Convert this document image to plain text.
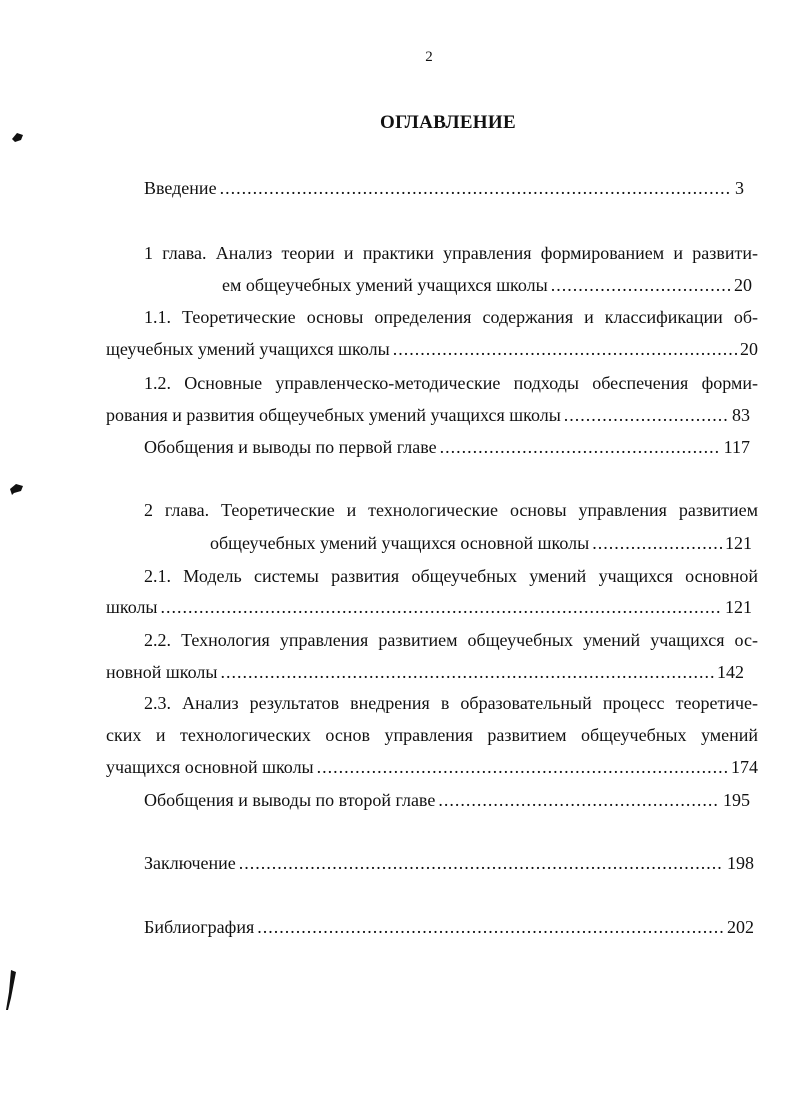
2
ОГЛАВЛЕНИЕ
Введение .....	3
1 глава. Анализ теории и практики управления формированием и развити-
ем общеучебных умений учащихся школы .....	20
1.1. Теоретические основы определения содержания и классификации об-
щеучебных умений учащихся школы .....	20
1.2. Основные управленческо-методические подходы обеспечения форми-
рования и развития общеучебных умений учащихся школы .....	83
Обобщения и выводы по первой главе .....	117
2 глава. Теоретические и технологические основы управления развитием
общеучебных умений учащихся основной школы .....	121
2.1. Модель системы развития общеучебных умений учащихся основной
школы .....	121
2.2. Технология управления развитием общеучебных умений учащихся ос-
новной школы .....	142
2.3. Анализ результатов внедрения в образовательный процесс теоретиче-
ских и технологических основ управления развитием общеучебных умений
учащихся основной школы .....	174
Обобщения и выводы по второй главе .....	195
Заключение .....	198
Библиография .....	202
